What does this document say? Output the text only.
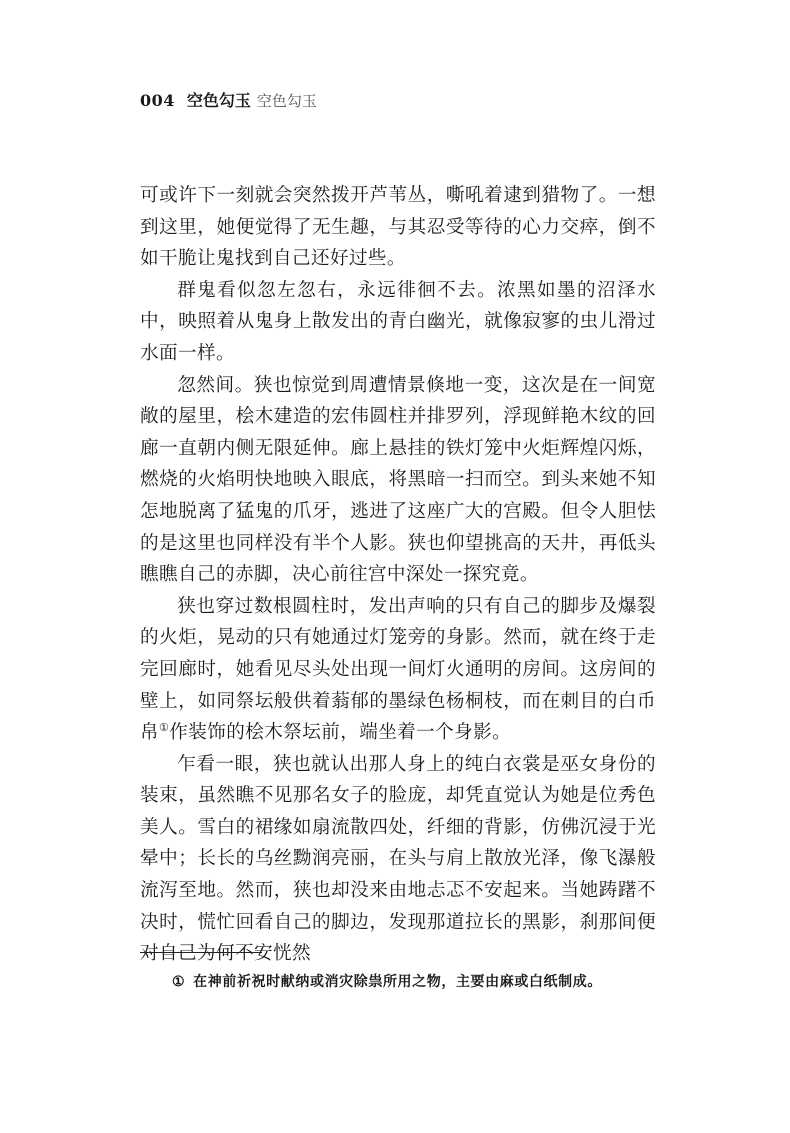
004 空色勾玉 空色勾玉

可或许下一刻就会突然拨开芦苇丛，嘶吼着逮到猎物了。一想到这里，她便觉得了无生趣，与其忍受等待的心力交瘁，倒不如干脆让鬼找到自己还好过些。

群鬼看似忽左忽右，永远徘徊不去。浓黑如墨的沼泽水中，映照着从鬼身上散发出的青白幽光，就像寂寥的虫儿滑过水面一样。

忽然间。狭也惊觉到周遭情景倏地一变，这次是在一间宽敞的屋里，桧木建造的宏伟圆柱并排罗列，浮现鲜艳木纹的回廊一直朝内侧无限延伸。廊上悬挂的铁灯笼中火炬辉煌闪烁，燃烧的火焰明快地映入眼底，将黑暗一扫而空。到头来她不知怎地脱离了猛鬼的爪牙，逃进了这座广大的宫殿。但令人胆怯的是这里也同样没有半个人影。狭也仰望挑高的天井，再低头瞧瞧自己的赤脚，决心前往宫中深处一探究竟。

狭也穿过数根圆柱时，发出声响的只有自己的脚步及爆裂的火炬，晃动的只有她通过灯笼旁的身影。然而，就在终于走完回廊时，她看见尽头处出现一间灯火通明的房间。这房间的壁上，如同祭坛般供着蓊郁的墨绿色杨桐枝，而在刺目的白币帛①作装饰的桧木祭坛前，端坐着一个身影。

乍看一眼，狭也就认出那人身上的纯白衣裳是巫女身份的装束，虽然瞧不见那名女子的脸庞，却凭直觉认为她是位秀色美人。雪白的裙缘如扇流散四处，纤细的背影，仿佛沉浸于光晕中；长长的乌丝黝润亮丽，在头与肩上散放光泽，像飞瀑般流泻至地。然而，狭也却没来由地忐忑不安起来。当她踌躇不决时，慌忙回看自己的脚边，发现那道拉长的黑影，刹那间便对自己为何不安恍然

① 在神前祈祝时献纳或消灾除祟所用之物，主要由麻或白纸制成。
